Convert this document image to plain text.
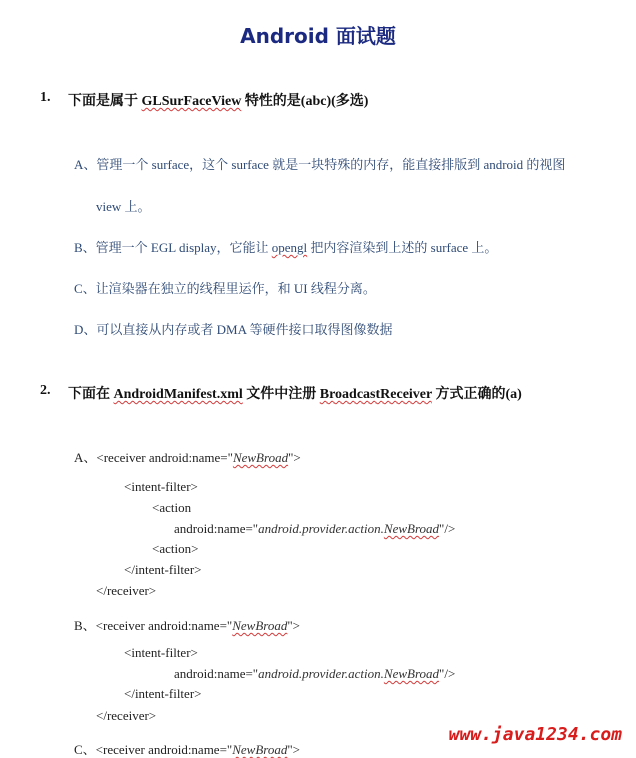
Android 面试题
1. 下面是属于 GLSurFaceView 特性的是(abc)(多选)
A、管理一个 surface，这个 surface 就是一块特殊的内存，能直接排版到 android 的视图
view 上。
B、管理一个 EGL display，它能让 opengl 把内容渲染到上述的 surface 上。
C、让渲染器在独立的线程里运作，和 UI 线程分离。
D、可以直接从内存或者 DMA 等硬件接口取得图像数据
2. 下面在 AndroidManifest.xml 文件中注册 BroadcastReceiver 方式正确的(a)
A、<receiver android:name="NewBroad">
<intent-filter>
<action
android:name="android.provider.action.NewBroad"/>
<action>
</intent-filter>
</receiver>
B、<receiver android:name="NewBroad">
<intent-filter>
android:name="android.provider.action.NewBroad"/>
</intent-filter>
</receiver>
C、<receiver android:name="NewBroad">
www.java1234.com
